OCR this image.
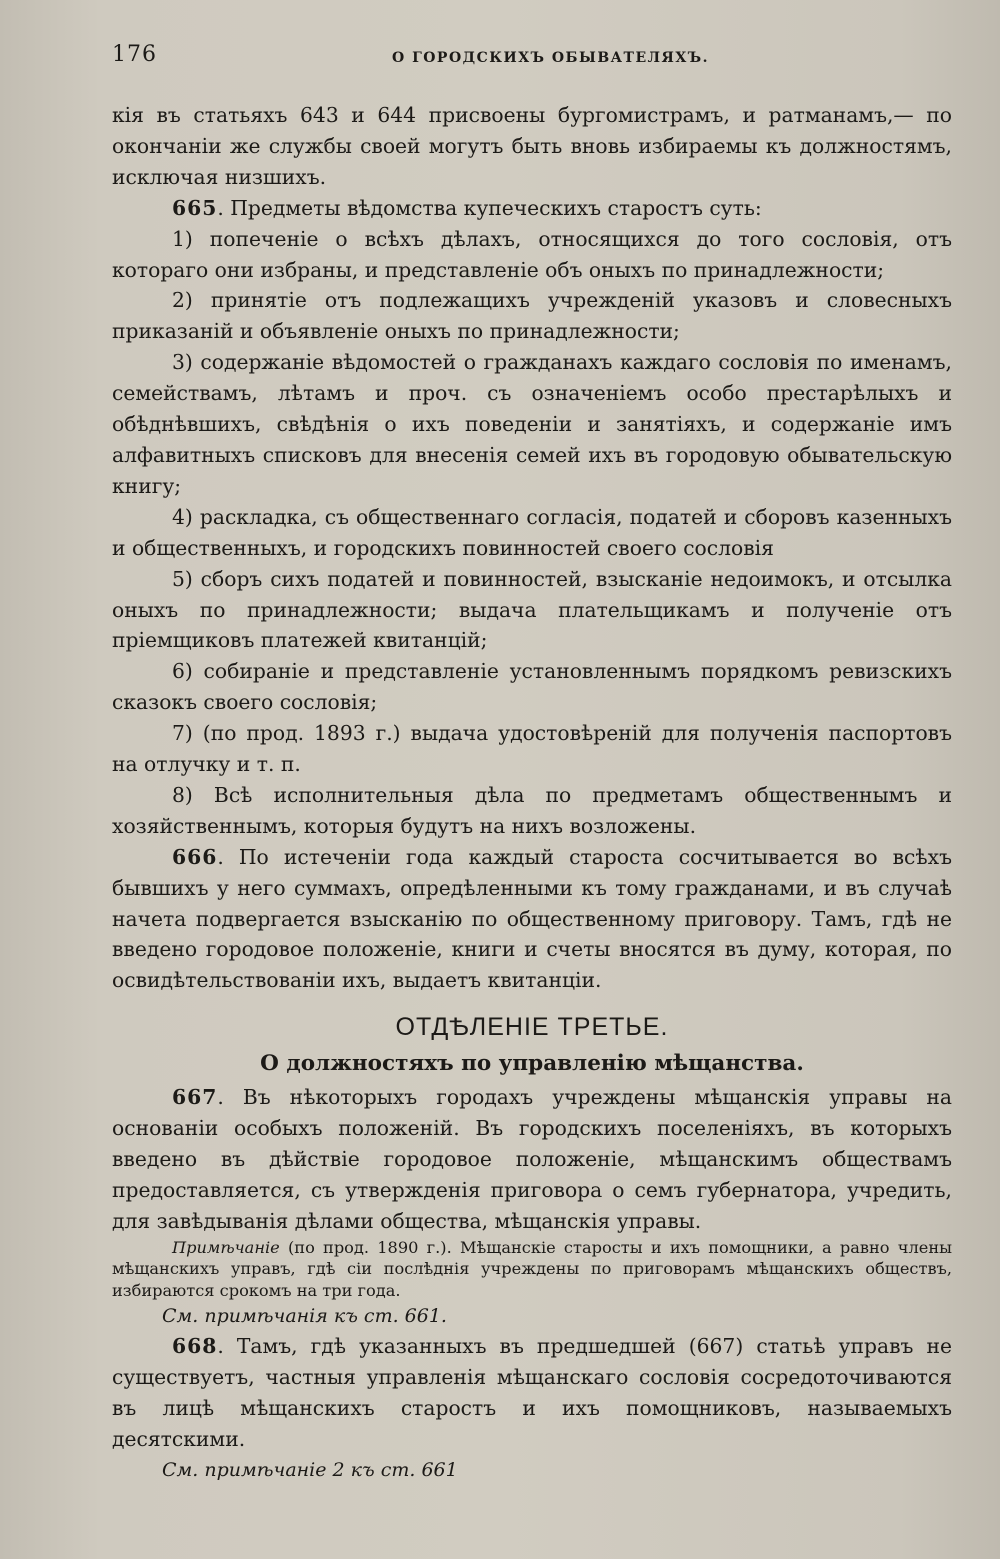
176	О ГОРОДСКИХЪ ОБЫВАТЕЛЯХЪ.

кія въ статьяхъ 643 и 644 присвоены бургомистрамъ, и ратманамъ,— по окончаніи же службы своей могутъ быть вновь избираемы къ должностямъ, исключая низшихъ.

665. Предметы вѣдомства купеческихъ старостъ суть:

1) попеченіе о всѣхъ дѣлахъ, относящихся до того сословія, отъ котораго они избраны, и представленіе объ оныхъ по принадлежности;

2) принятіе отъ подлежащихъ учрежденій указовъ и словесныхъ приказаній и объявленіе оныхъ по принадлежности;

3) содержаніе вѣдомостей о гражданахъ каждаго сословія по именамъ, семействамъ, лѣтамъ и проч. съ означеніемъ особо престарѣлыхъ и обѣднѣвшихъ, свѣдѣнія о ихъ поведеніи и занятіяхъ, и содержаніе имъ алфавитныхъ списковъ для внесенія семей ихъ въ городовую обывательскую книгу;

4) раскладка, съ общественнаго согласія, податей и сборовъ казенныхъ и общественныхъ, и городскихъ повинностей своего сословія

5) сборъ сихъ податей и повинностей, взысканіе недоимокъ, и отсылка оныхъ по принадлежности; выдача плательщикамъ и полученіе отъ пріемщиковъ платежей квитанцій;

6) собираніе и представленіе установленнымъ порядкомъ ревизскихъ сказокъ своего сословія;

7) (по прод. 1893 г.) выдача удостовѣреній для полученія паспортовъ на отлучку и т. п.

8) Всѣ исполнительныя дѣла по предметамъ общественнымъ и хозяйственнымъ, которыя будутъ на нихъ возложены.

666. По истеченіи года каждый староста сосчитывается во всѣхъ бывшихъ у него суммахъ, опредѣленными къ тому гражданами, и въ случаѣ начета подвергается взысканію по общественному приговору. Тамъ, гдѣ не введено городовое положеніе, книги и счеты вносятся въ думу, которая, по освидѣтельствованіи ихъ, выдаетъ квитанціи.

ОТДѢЛЕНІЕ ТРЕТЬЕ.
О должностяхъ по управленію мѣщанства.

667. Въ нѣкоторыхъ городахъ учреждены мѣщанскія управы на основаніи особыхъ положеній. Въ городскихъ поселеніяхъ, въ которыхъ введено въ дѣйствіе городовое положеніе, мѣщанскимъ обществамъ предоставляется, съ утвержденія приговора о семъ губернатора, учредить, для завѣдыванія дѣлами общества, мѣщанскія управы.

Примѣчаніе (по прод. 1890 г.). Мѣщанскіе старосты и ихъ помощники, а равно члены мѣщанскихъ управъ, гдѣ сіи послѣднія учреждены по приговорамъ мѣщанскихъ обществъ, избираются срокомъ на три года.

См. примѣчанія къ ст. 661.

668. Тамъ, гдѣ указанныхъ въ предшедшей (667) статьѣ управъ не существуетъ, частныя управленія мѣщанскаго сословія сосредоточиваются въ лицѣ мѣщанскихъ старостъ и ихъ помощниковъ, называемыхъ десятскими.

См. примѣчаніе 2 къ ст. 661
